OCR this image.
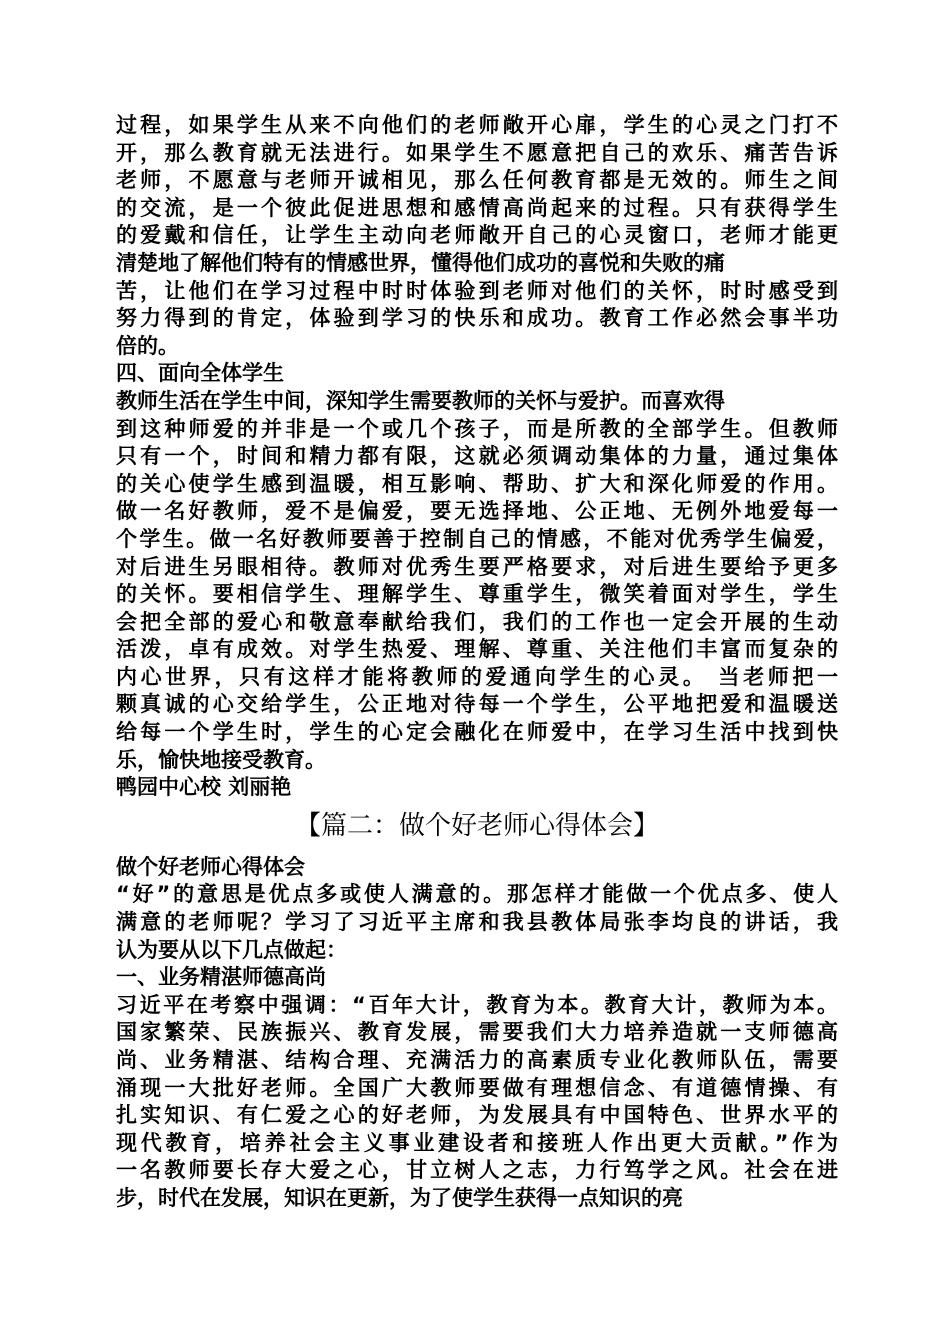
过程，如果学生从来不向他们的老师敞开心扉，学生的心灵之门打不
开，那么教育就无法进行。如果学生不愿意把自己的欢乐、痛苦告诉
老师，不愿意与老师开诚相见，那么任何教育都是无效的。师生之间
的交流，是一个彼此促进思想和感情高尚起来的过程。只有获得学生
的爱戴和信任，让学生主动向老师敞开自己的心灵窗口，老师才能更
清楚地了解他们特有的情感世界，懂得他们成功的喜悦和失败的痛
苦，让他们在学习过程中时时体验到老师对他们的关怀，时时感受到
努力得到的肯定，体验到学习的快乐和成功。教育工作必然会事半功
倍的。
四、面向全体学生
教师生活在学生中间，深知学生需要教师的关怀与爱护。而喜欢得
到这种师爱的并非是一个或几个孩子，而是所教的全部学生。但教师
只有一个，时间和精力都有限，这就必须调动集体的力量，通过集体
的关心使学生感到温暖，相互影响、帮助、扩大和深化师爱的作用。
做一名好教师，爱不是偏爱，要无选择地、公正地、无例外地爱每一
个学生。做一名好教师要善于控制自己的情感，不能对优秀学生偏爱，
对后进生另眼相待。教师对优秀生要严格要求，对后进生要给予更多
的关怀。要相信学生、理解学生、尊重学生，微笑着面对学生，学生
会把全部的爱心和敬意奉献给我们，我们的工作也一定会开展的生动
活泼，卓有成效。对学生热爱、理解、尊重、关注他们丰富而复杂的
内心世界，只有这样才能将教师的爱通向学生的心灵。 当老师把一
颗真诚的心交给学生，公正地对待每一个学生，公平地把爱和温暖送
给每一个学生时，学生的心定会融化在师爱中，在学习生活中找到快
乐，愉快地接受教育。
鸭园中心校 刘丽艳
【篇二：做个好老师心得体会】
做个好老师心得体会
“好”的意思是优点多或使人满意的。那怎样才能做一个优点多、使人
满意的老师呢？学习了习近平主席和我县教体局张李均良的讲话，我
认为要从以下几点做起：
一、业务精湛师德高尚
习近平在考察中强调：“百年大计，教育为本。教育大计，教师为本。
国家繁荣、民族振兴、教育发展，需要我们大力培养造就一支师德高
尚、业务精湛、结构合理、充满活力的高素质专业化教师队伍，需要
涌现一大批好老师。全国广大教师要做有理想信念、有道德情操、有
扎实知识、有仁爱之心的好老师，为发展具有中国特色、世界水平的
现代教育，培养社会主义事业建设者和接班人作出更大贡献。”作为
一名教师要长存大爱之心，甘立树人之志，力行笃学之风。社会在进
步，时代在发展，知识在更新，为了使学生获得一点知识的亮
